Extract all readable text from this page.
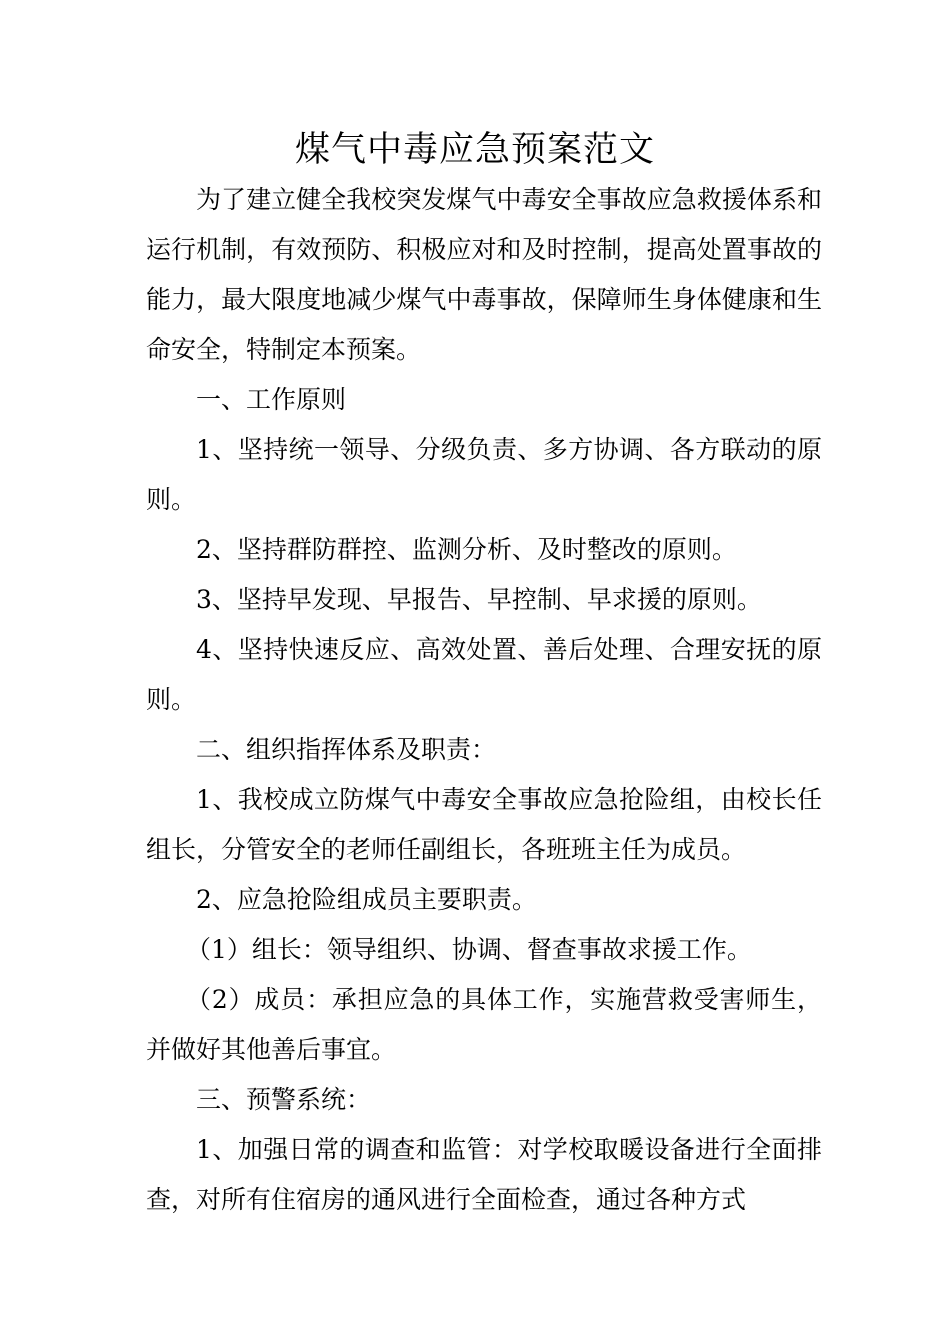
煤气中毒应急预案范文

为了建立健全我校突发煤气中毒安全事故应急救援体系和运行机制，有效预防、积极应对和及时控制，提高处置事故的能力，最大限度地减少煤气中毒事故，保障师生身体健康和生命安全，特制定本预案。

一、工作原则

1、坚持统一领导、分级负责、多方协调、各方联动的原则。

2、坚持群防群控、监测分析、及时整改的原则。

3、坚持早发现、早报告、早控制、早求援的原则。

4、坚持快速反应、高效处置、善后处理、合理安抚的原则。

二、组织指挥体系及职责：

1、我校成立防煤气中毒安全事故应急抢险组，由校长任组长，分管安全的老师任副组长，各班班主任为成员。

2、应急抢险组成员主要职责。

（1）组长：领导组织、协调、督查事故求援工作。

（2）成员：承担应急的具体工作，实施营救受害师生，并做好其他善后事宜。

三、预警系统：

1、加强日常的调查和监管：对学校取暖设备进行全面排查，对所有住宿房的通风进行全面检查，通过各种方式
